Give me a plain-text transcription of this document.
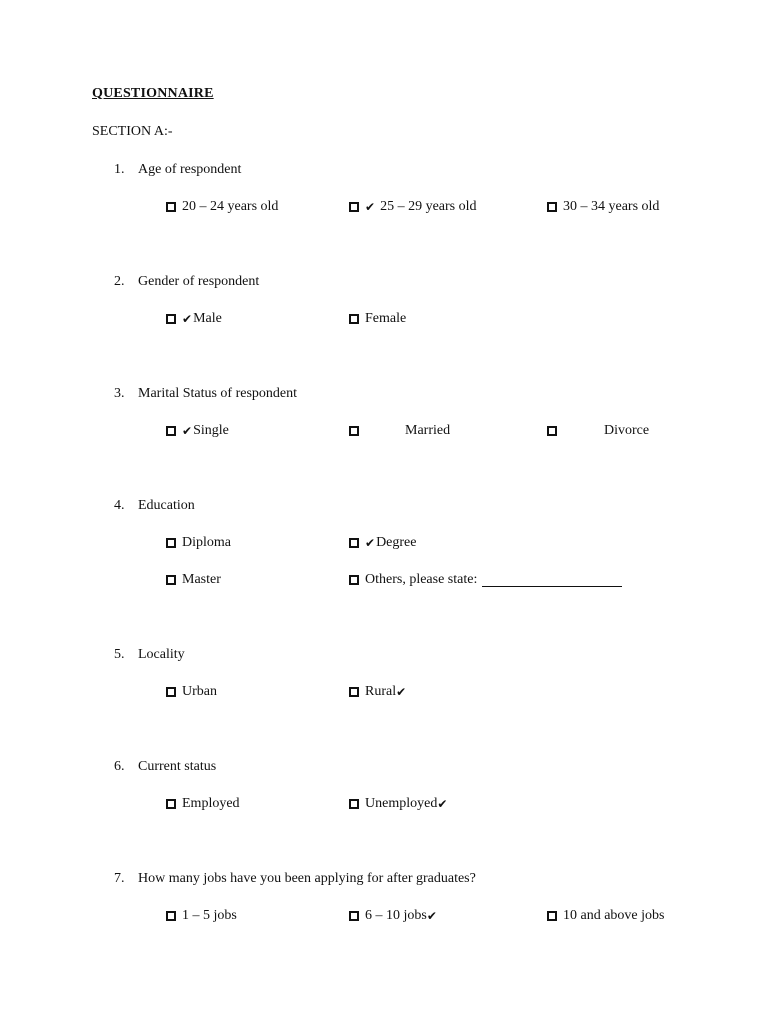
QUESTIONNAIRE
SECTION A:-
1. Age of respondent
20 – 24 years old	✔ 25 – 29 years old	30 – 34 years old
2. Gender of respondent
✔ Male	Female
3. Marital Status of respondent
✔ Single	Married	Divorce
4. Education
Diploma	✔ Degree
Master	Others, please state:
5. Locality
Urban	Rural ✔
6. Current status
Employed	Unemployed ✔
7. How many jobs have you been applying for after graduates?
1 – 5 jobs	6 – 10 jobs ✔	10 and above jobs
